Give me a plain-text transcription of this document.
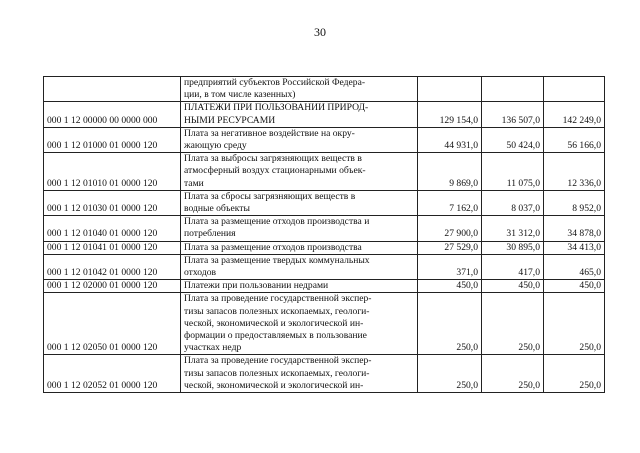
30

	предприятий субъектов Российской Федера-
ции, в том числе казенных)			

000 1 12 00000 00 0000 000	ПЛАТЕЖИ ПРИ ПОЛЬЗОВАНИИ ПРИРОД-
НЫМИ РЕСУРСАМИ	129 154,0	136 507,0	142 249,0
000 1 12 01000 01 0000 120	Плата за негативное воздействие на окру-
жающую среду	44 931,0	50 424,0	56 166,0
000 1 12 01010 01 0000 120	Плата за выбросы загрязняющих веществ в
атмосферный воздух стационарными объек-
тами	9 869,0	11 075,0	12 336,0
000 1 12 01030 01 0000 120	Плата за сбросы загрязняющих веществ в
водные объекты	7 162,0	8 037,0	8 952,0
000 1 12 01040 01 0000 120	Плата за размещение отходов производства и
потребления	27 900,0	31 312,0	34 878,0
000 1 12 01041 01 0000 120	Плата за размещение отходов производства	27 529,0	30 895,0	34 413,0
000 1 12 01042 01 0000 120	Плата за размещение твердых коммунальных
отходов	371,0	417,0	465,0
000 1 12 02000 01 0000 120	Платежи при пользовании недрами	450,0	450,0	450,0
000 1 12 02050 01 0000 120	Плата за проведение государственной экспер-
тизы запасов полезных ископаемых, геологи-
ческой, экономической и экологической ин-
формации о предоставляемых в пользование
участках недр	250,0	250,0	250,0
000 1 12 02052 01 0000 120	Плата за проведение государственной экспер-
тизы запасов полезных ископаемых, геологи-
ческой, экономической и экологической ин-	250,0	250,0	250,0
